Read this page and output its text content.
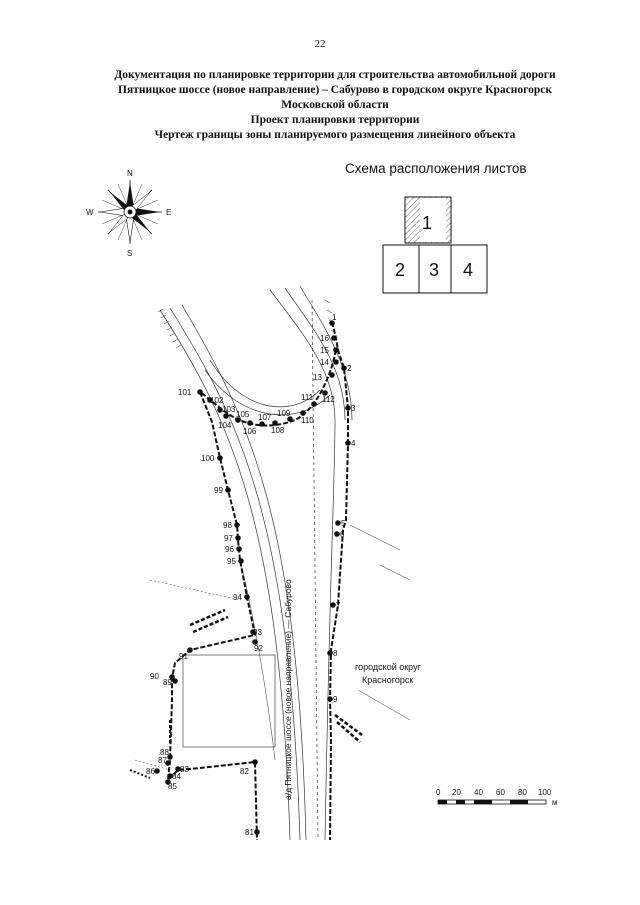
22
Документация по планировке территории для строительства автомобильной дороги
Пятницкое шоссе (новое направление) – Сабурово в городском округе Красногорск
Московской области
Проект планировки территории
Чертеж границы зоны планируемого размещения линейного объекта
Схема расположения листов
1
2 3 4
N
S
W	E
1
2
3
4
5
6
7
8
9
16
15
14
13
112
111
110
109
108
107
106
105
104
103
102
101
100
99
98
97
96
95
94
93
92
91
90
89
88
87
86
85
84
83	82
81
а/д Пятницкое шоссе (новое направление) — Сабурово	городской округ
Красногорск
0 20 40 60 80 100
м
